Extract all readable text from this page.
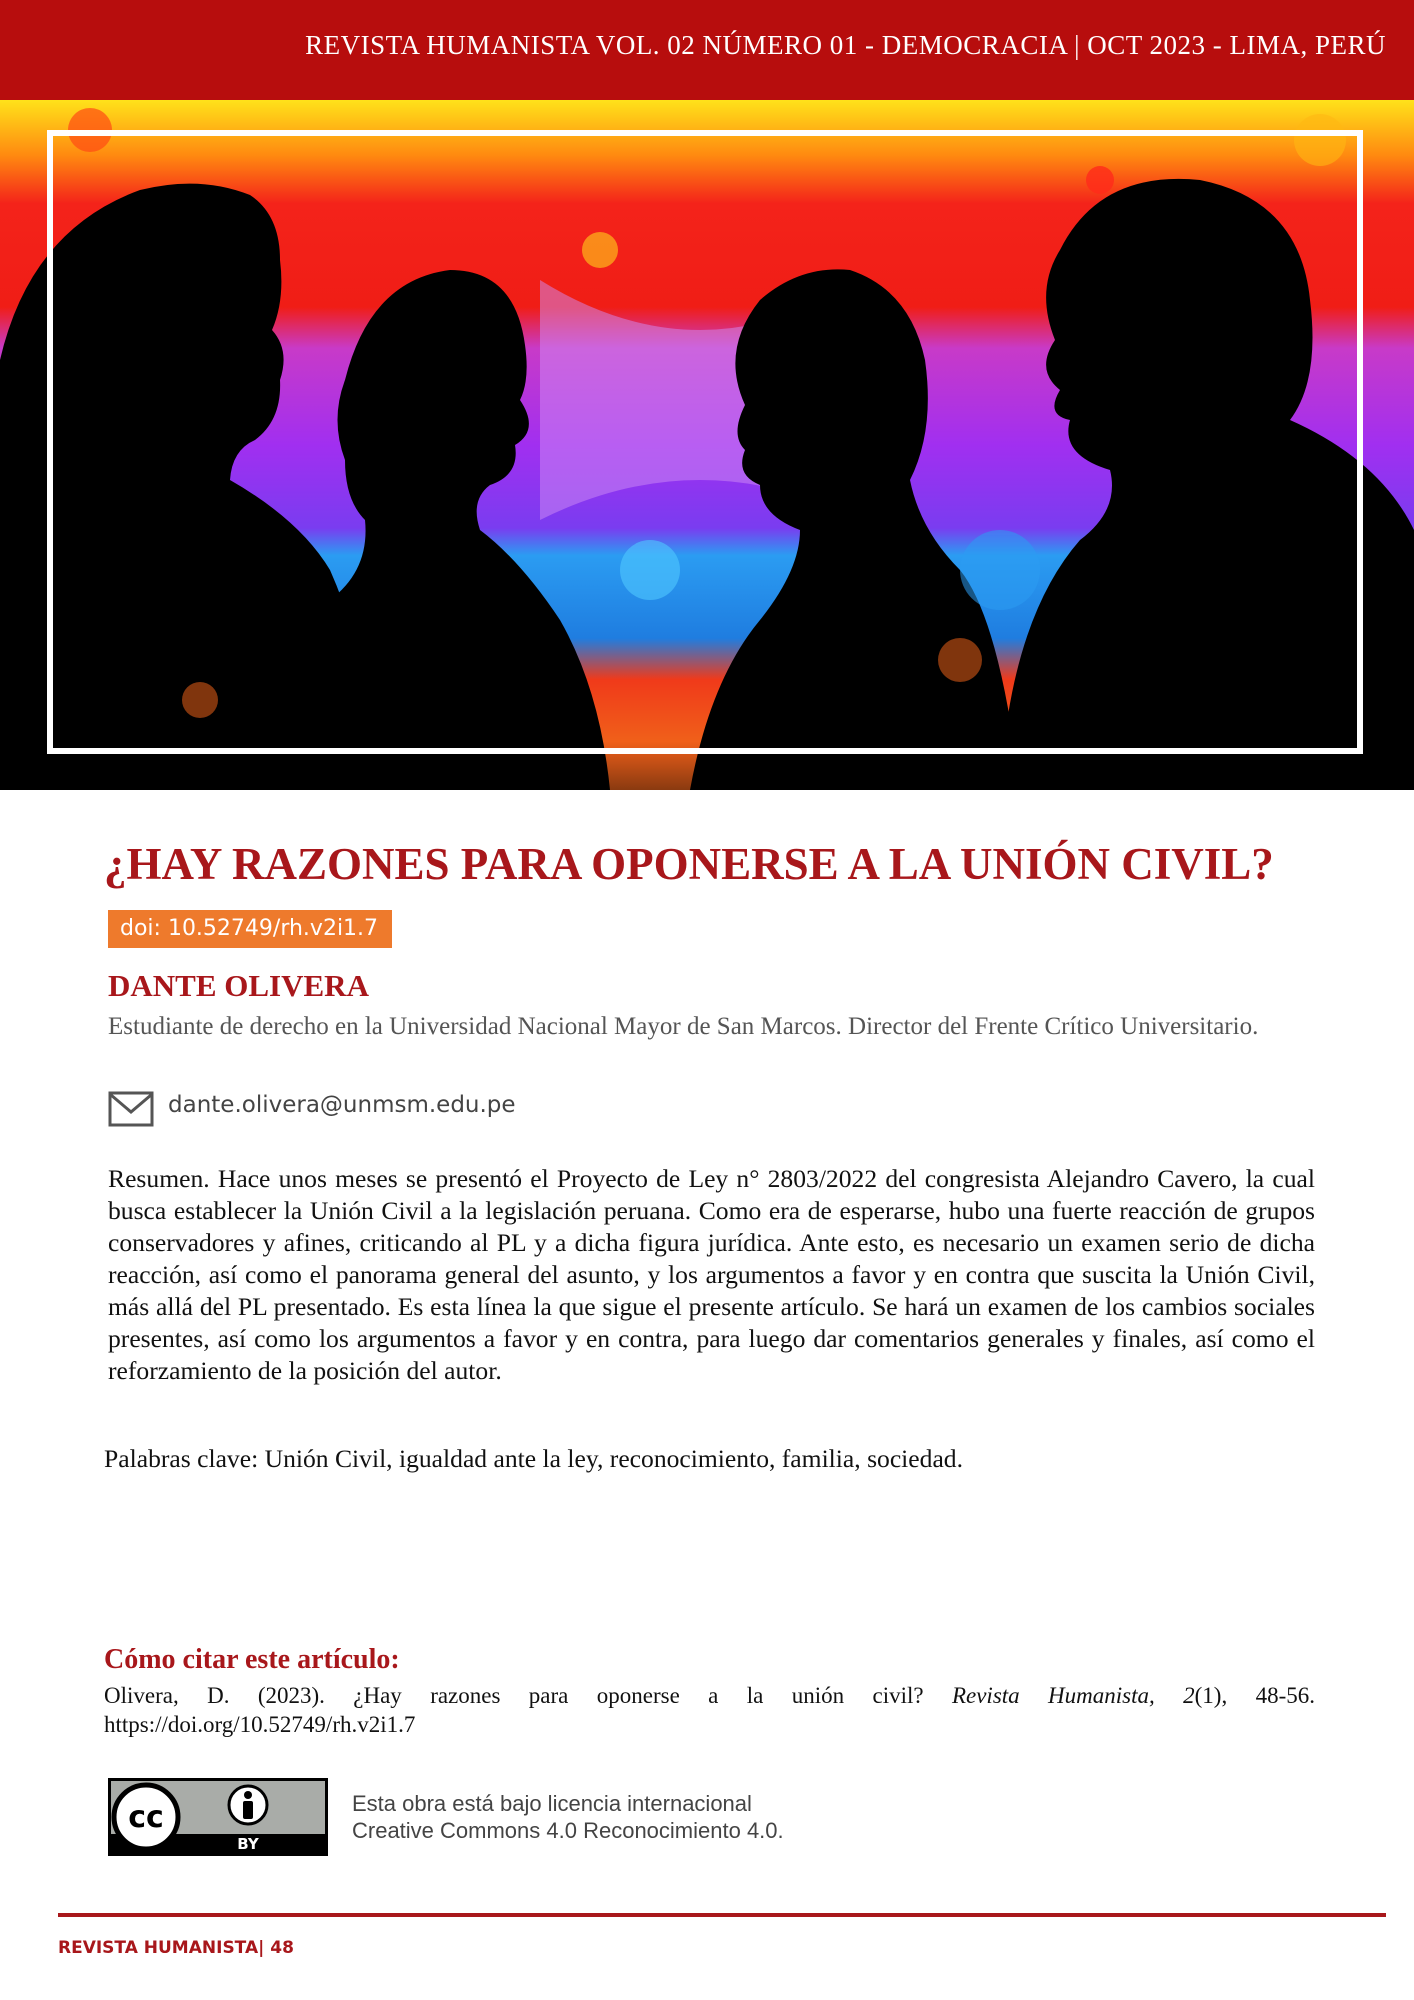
REVISTA HUMANISTA VOL. 02 NÚMERO 01 - DEMOCRACIA | OCT 2023 - LIMA, PERÚ
¿HAY RAZONES PARA OPONERSE A LA UNIÓN CIVIL?
doi: 10.52749/rh.v2i1.7
DANTE OLIVERA
Estudiante de derecho en la Universidad Nacional Mayor de San Marcos. Director del Frente Crítico Universitario.
dante.olivera@unmsm.edu.pe

Resumen. Hace unos meses se presentó el Proyecto de Ley n° 2803/2022 del congresista Alejandro Cavero, la cual busca establecer la Unión Civil a la legislación peruana. Como era de esperarse, hubo una fuerte reacción de grupos conservadores y afines, criticando al PL y a dicha figura jurídica. Ante esto, es necesario un examen serio de dicha reacción, así como el panorama general del asunto, y los argumentos a favor y en contra que suscita la Unión Civil, más allá del PL presentado. Es esta línea la que sigue el presente artículo. Se hará un examen de los cambios sociales presentes, así como los argumentos a favor y en contra, para luego dar comentarios generales y finales, así como el reforzamiento de la posición del autor.

Palabras clave: Unión Civil, igualdad ante la ley, reconocimiento, familia, sociedad.
Cómo citar este artículo:

Olivera, D. (2023). ¿Hay razones para oponerse a la unión civil? Revista Humanista, 2(1), 48-56. https://doi.org/10.52749/rh.v2i1.7

cc
BY
Esta obra está bajo licencia internacional
Creative Commons 4.0 Reconocimiento 4.0.
REVISTA HUMANISTA| 48
